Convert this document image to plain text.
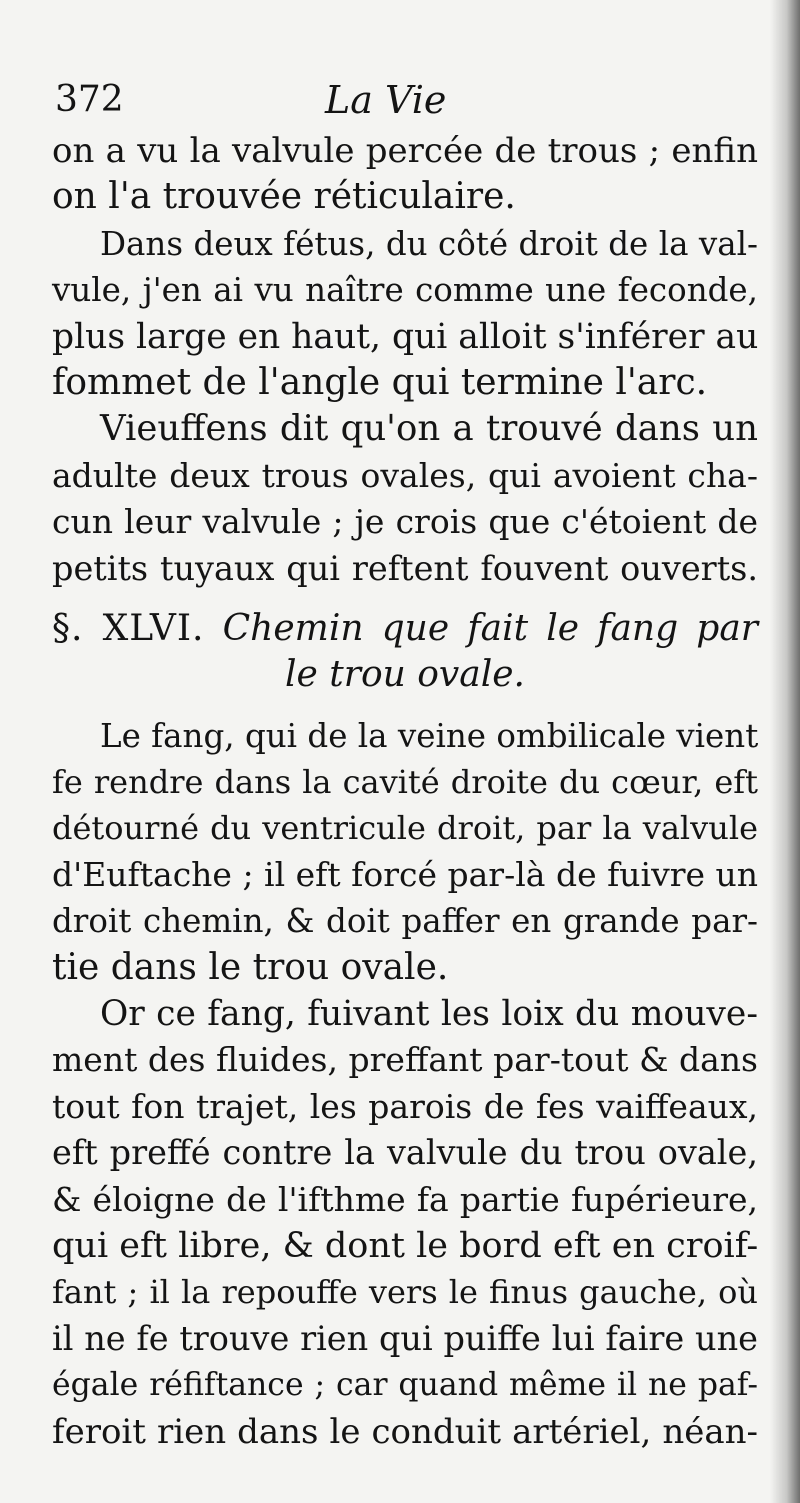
372	La Vie
on a vu la valvule percée de trous ; enfin
on l'a trouvée réticulaire.
Dans deux fétus, du côté droit de la val-
vule, j'en ai vu naître comme une feconde,
plus large en haut, qui alloit s'inférer au
fommet de l'angle qui termine l'arc.
Vieuffens dit qu'on a trouvé dans un
adulte deux trous ovales, qui avoient cha-
cun leur valvule ; je crois que c'étoient de
petits tuyaux qui reftent fouvent ouverts.
§. XLVI. Chemin que fait le fang par
le trou ovale.
Le fang, qui de la veine ombilicale vient
fe rendre dans la cavité droite du cœur, eft
détourné du ventricule droit, par la valvule
d'Euftache ; il eft forcé par-là de fuivre un
droit chemin, & doit paffer en grande par-
tie dans le trou ovale.
Or ce fang, fuivant les loix du mouve-
ment des fluides, preffant par-tout & dans
tout fon trajet, les parois de fes vaiffeaux,
eft preffé contre la valvule du trou ovale,
& éloigne de l'ifthme fa partie fupérieure,
qui eft libre, & dont le bord eft en croif-
fant ; il la repouffe vers le finus gauche, où
il ne fe trouve rien qui puiffe lui faire une
égale réfiftance ; car quand même il ne paf-
feroit rien dans le conduit artériel, néan-
